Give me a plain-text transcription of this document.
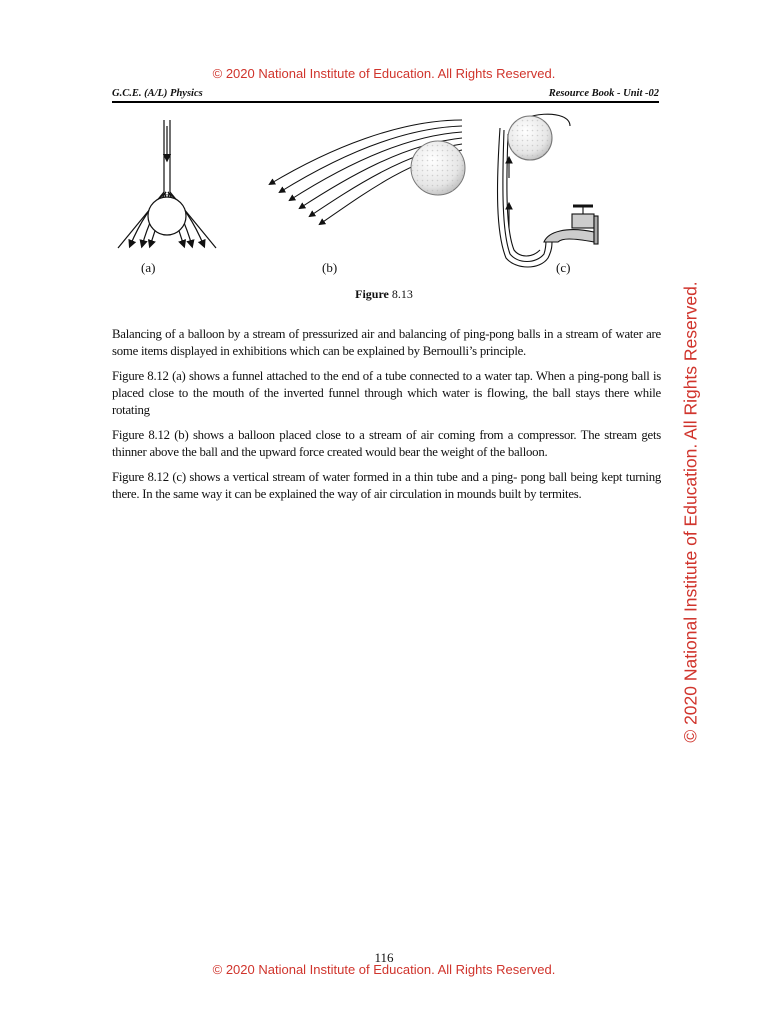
© 2020 National Institute of Education. All Rights Reserved.
© 2020 National Institute of Education. All Rights Reserved.
G.C.E. (A/L) Physics	Resource Book - Unit -02
(a)	(b)	(c)
Figure 8.13

Balancing of a balloon by a stream of pressurized air and balancing of ping-pong balls in a stream of water are some items displayed in exhibitions which can be explained by Bernoulli’s principle.

Figure 8.12 (a) shows a funnel attached to the end of a tube connected to a water tap. When a ping-pong ball is placed close to the mouth of the inverted funnel through which water is flowing, the ball stays there while rotating

Figure 8.12 (b) shows a balloon placed close to a stream of air coming from a compressor. The stream gets thinner above the ball and the upward force created would bear the weight of the balloon.

Figure 8.12 (c) shows a vertical stream of water formed in a thin tube and a ping- pong ball being kept turning there. In the same way it can be explained the way of air circulation in mounds built by termites.

116
© 2020 National Institute of Education. All Rights Reserved.
